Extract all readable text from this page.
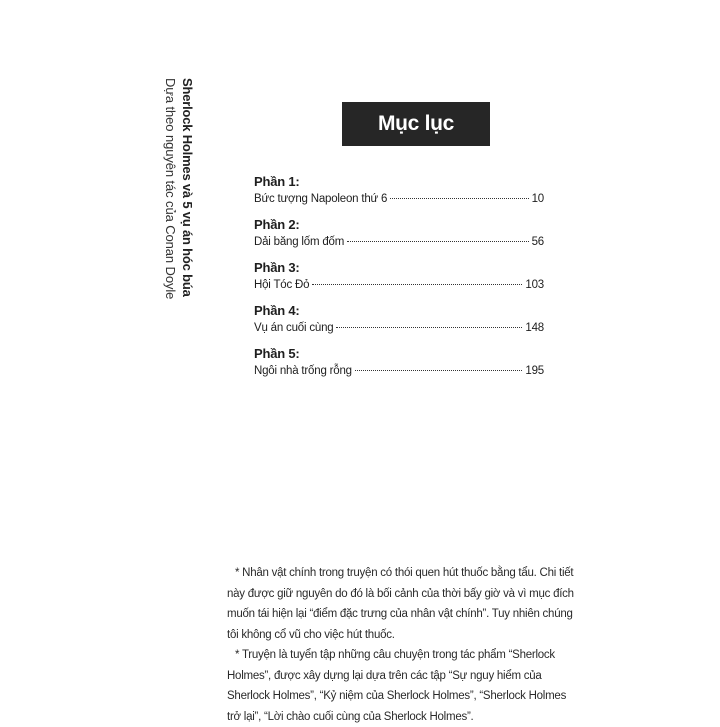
Sherlock Holmes và 5 vụ án hóc búa
Dựa theo nguyên tác của Conan Doyle	Mục lục
Phần 1:
Bức tượng Napoleon thứ 6	10
Phần 2:
Dải băng lốm đốm	56
Phần 3:
Hội Tóc Đỏ	103
Phần 4:
Vụ án cuối cùng	148
Phần 5:
Ngôi nhà trống rỗng	195

* Nhân vật chính trong truyện có thói quen hút thuốc bằng tẩu. Chi tiết này được giữ nguyên do đó là bối cảnh của thời bấy giờ và vì mục đích muốn tái hiện lại “điểm đặc trưng của nhân vật chính”. Tuy nhiên chúng tôi không cổ vũ cho việc hút thuốc.

* Truyện là tuyển tập những câu chuyện trong tác phẩm “Sherlock Holmes”, được xây dựng lại dựa trên các tập “Sự nguy hiểm của Sherlock Holmes”, “Kỷ niệm của Sherlock Holmes”, “Sherlock Holmes trở lại”, “Lời chào cuối cùng của Sherlock Holmes”.
